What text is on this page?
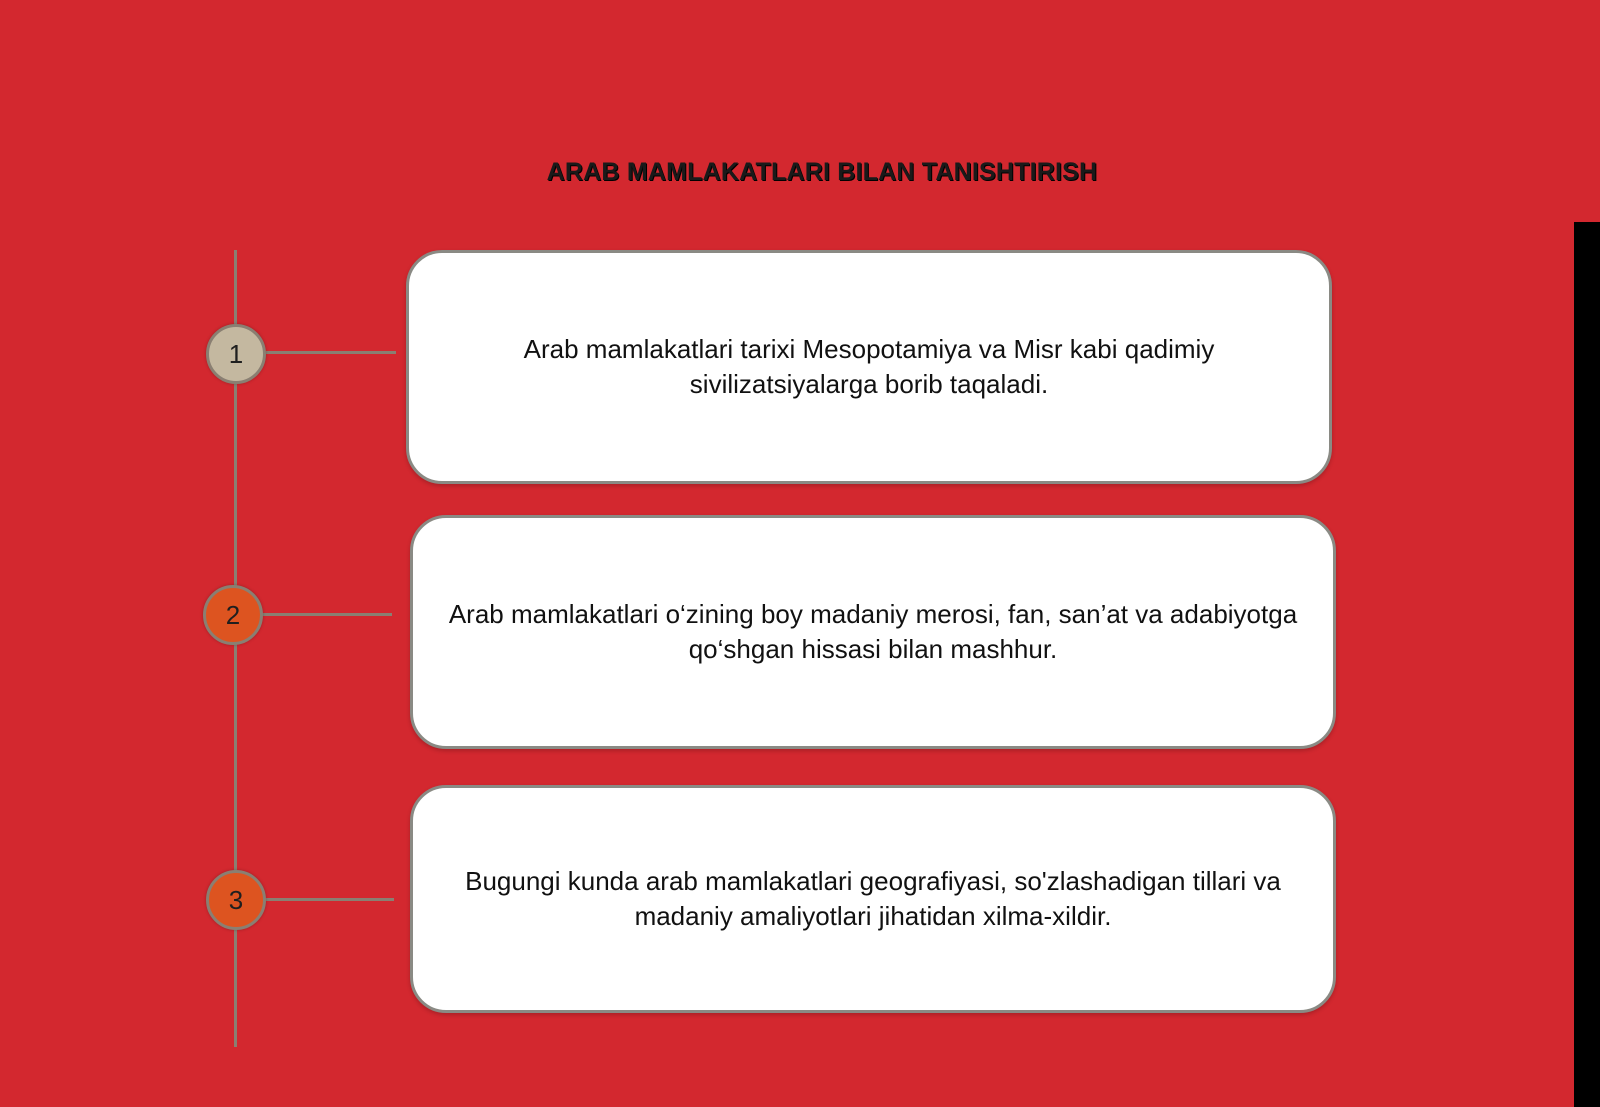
ARAB MAMLAKATLARI BILAN TANISHTIRISH
1	Arab mamlakatlari tarixi Mesopotamiya va Misr kabi qadimiy sivilizatsiyalarga borib taqaladi.
2	Arab mamlakatlari o‘zining boy madaniy merosi, fan, san’at va adabiyotga qo‘shgan hissasi bilan mashhur.
3
Bugungi kunda arab mamlakatlari geografiyasi, so'zlashadigan tillari va madaniy amaliyotlari jihatidan xilma-xildir.
